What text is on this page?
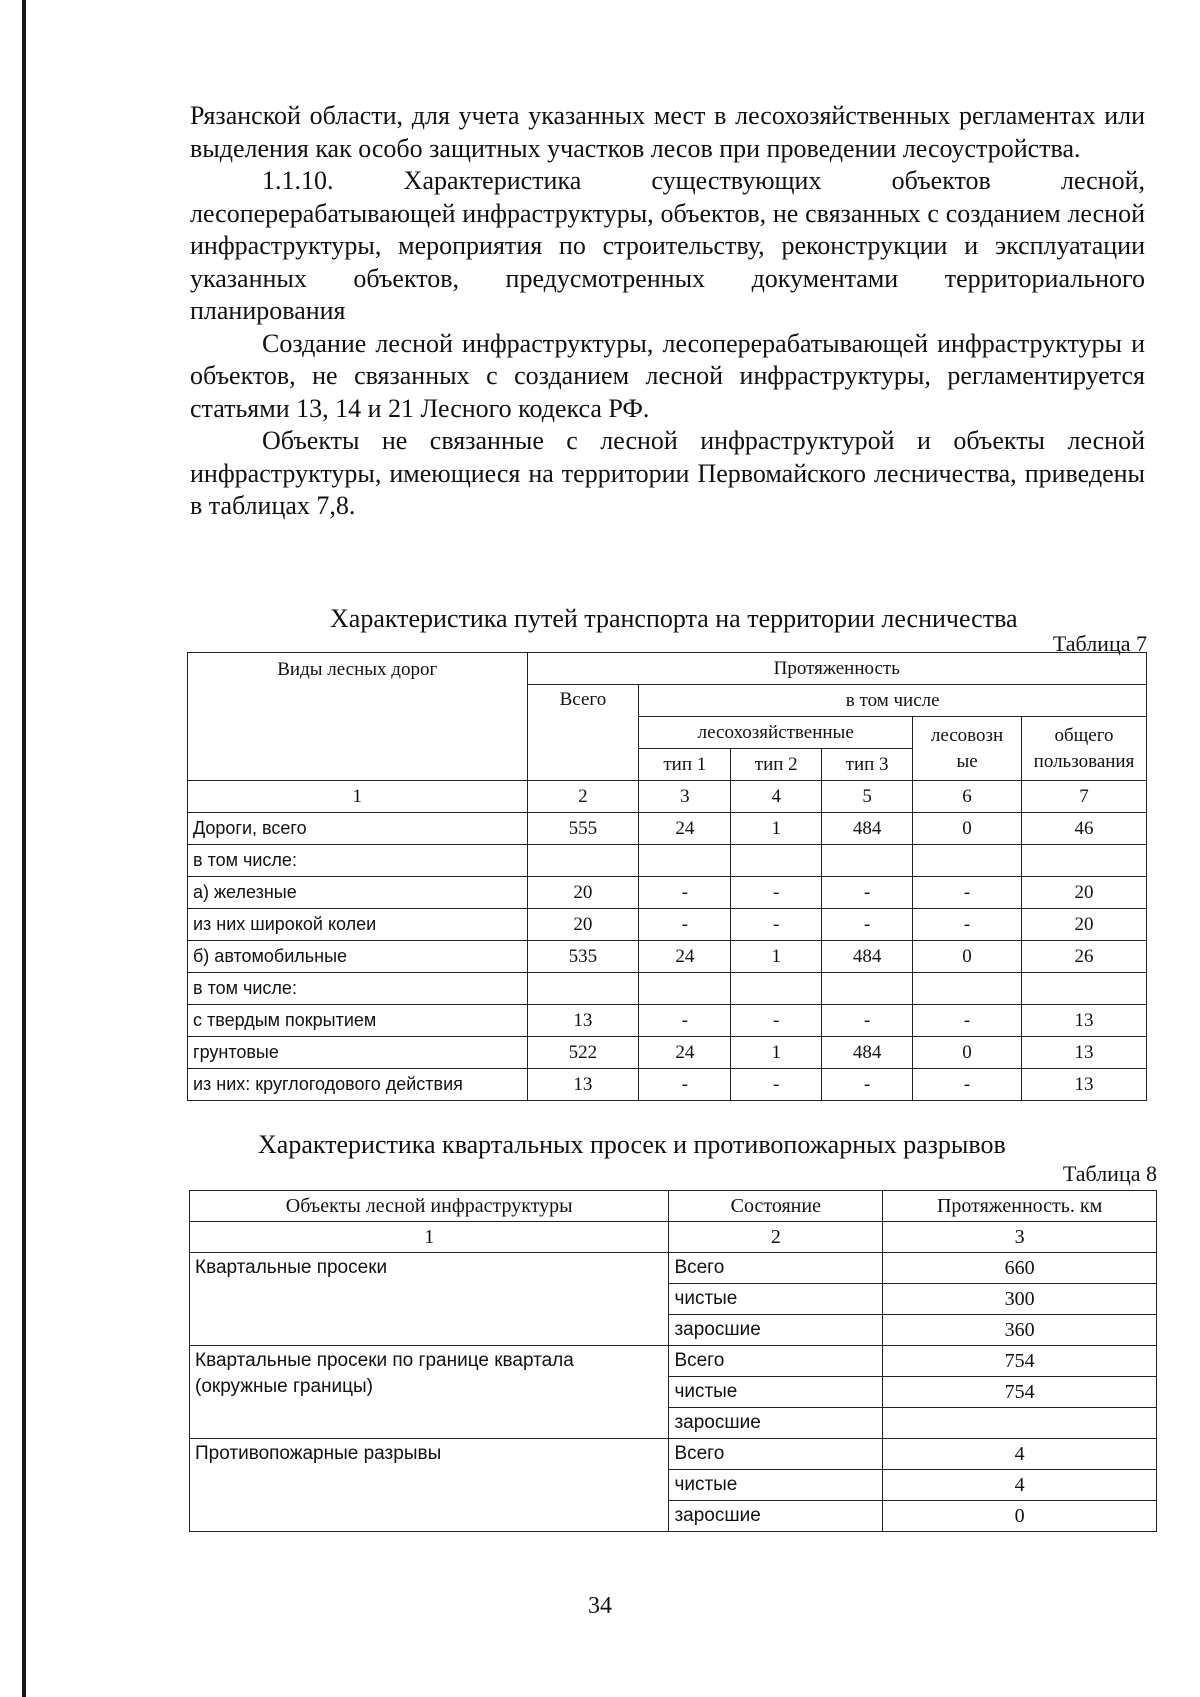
Рязанской области, для учета указанных мест в лесохозяйственных регламентах или выделения как особо защитных участков лесов при проведении лесоустройства.

1.1.10. Характеристика существующих объектов лесной, лесоперерабатывающей инфраструктуры, объектов, не связанных с созданием лесной инфраструктуры, мероприятия по строительству, реконструкции и эксплуатации указанных объектов, предусмотренных документами территориального планирования

Создание лесной инфраструктуры, лесоперерабатывающей инфраструктуры и объектов, не связанных с созданием лесной инфраструктуры, регламентируется статьями 13, 14 и 21 Лесного кодекса РФ.

Объекты не связанные с лесной инфраструктурой и объекты лесной инфраструктуры, имеющиеся на территории Первомайского лесничества, приведены в таблицах 7,8.

Характеристика путей транспорта на территории лесничества
Таблица 7
Виды лесных дорог	Протяженность					
	Всего	в том числе				
		лесохозяйственные			лесовозн ые	общего пользования
		тип 1	тип 2	тип 3		
1	2	3	4	5	6	7
Дороги, всего	555	24	1	484	0	46
в том числе:						
а) железные	20	-	-	-	-	20
из них широкой колеи	20	-	-	-	-	20
б) автомобильные	535	24	1	484	0	26
в том числе:						
с твердым покрытием	13	-	-	-	-	13
грунтовые	522	24	1	484	0	13
из них: круглогодового действия	13	-	-	-	-	13
Характеристика квартальных просек и противопожарных разрывов
Таблица 8
Объекты лесной инфраструктуры	Состояние	Протяженность. км
1	2	3
Квартальные просеки	Всего	660
	чистые	300
	заросшие	360
Квартальные просеки по границе квартала (окружные границы)	Всего	754
	чистые	754
	заросшие	
Противопожарные разрывы	Всего	4
	чистые	4
	заросшие	0
34
